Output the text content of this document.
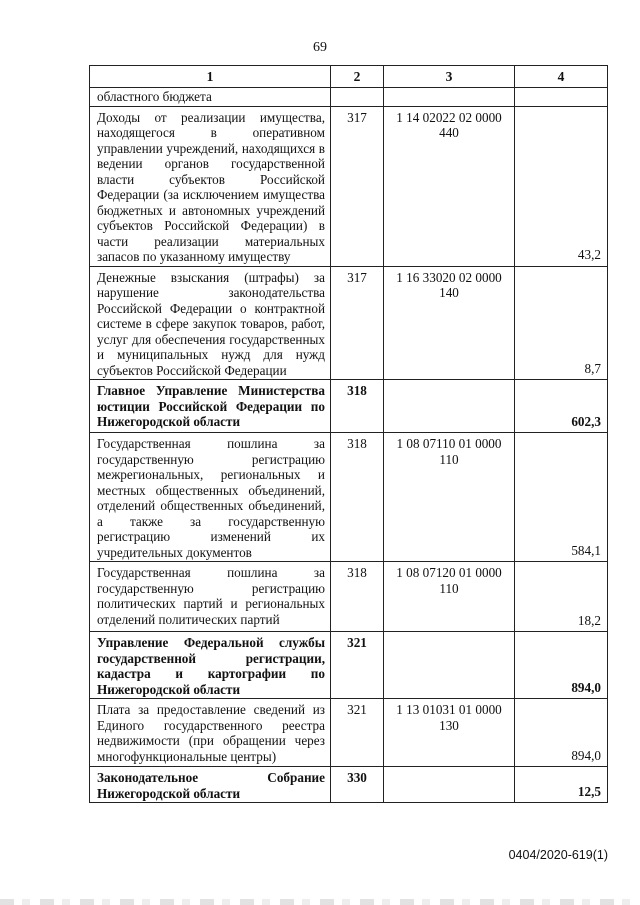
69
1	2	3	4
областного бюджета			
Доходы от реализации имущества, находящегося в оперативном управлении учреждений, находящихся в ведении органов государственной власти субъектов Российской Федерации (за исключением имущества бюджетных и автономных учреждений субъектов Российской Федерации) в части реализации материальных запасов по указанному имуществу	317	1 14 02022 02 0000 440	43,2
Денежные взыскания (штрафы) за нарушение законодательства Российской Федерации о контрактной системе в сфере закупок товаров, работ, услуг для обеспечения государственных и муниципальных нужд для нужд субъектов Российской Федерации	317	1 16 33020 02 0000 140	8,7
Главное Управление Министерства юстиции Российской Федерации по Нижегородской области	318		602,3
Государственная пошлина за государственную регистрацию межрегиональных, региональных и местных общественных объединений, отделений общественных объединений, а также за государственную регистрацию изменений их учредительных документов	318	1 08 07110 01 0000 110	584,1
Государственная пошлина за государственную регистрацию политических партий и региональных отделений политических партий	318	1 08 07120 01 0000 110	18,2
Управление Федеральной службы государственной регистрации, кадастра и картографии по Нижегородской области	321		894,0
Плата за предоставление сведений из Единого государственного реестра недвижимости (при обращении через многофункциональные центры)	321	1 13 01031 01 0000 130	894,0
Законодательное Собрание Нижегородской области	330		12,5
0404/2020-619(1)
